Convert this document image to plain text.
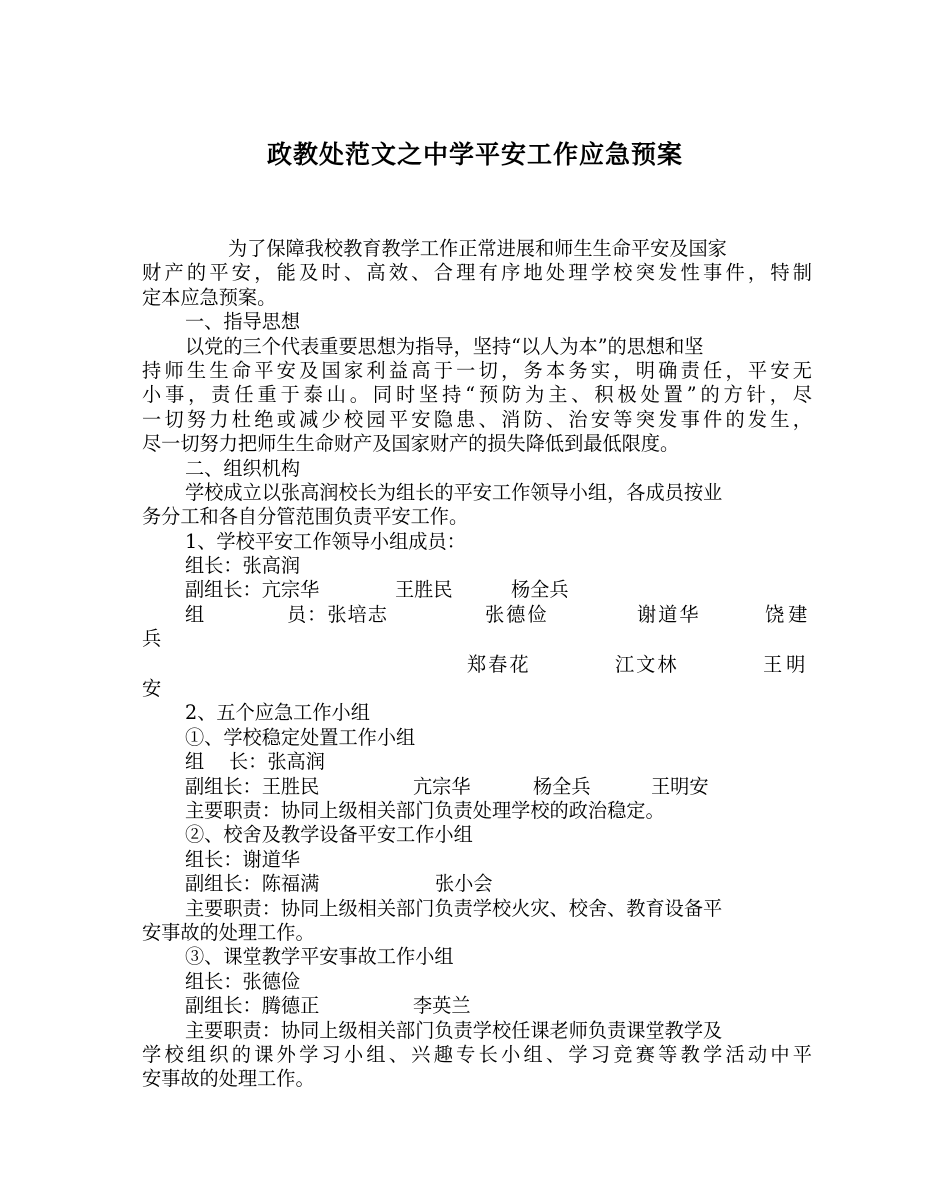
政教处范文之中学平安工作应急预案
为了保障我校教育教学工作正常进展和师生生命平安及国家
财产的平安，能及时、高效、合理有序地处理学校突发性事件，特制
定本应急预案。
一、指导思想
以党的三个代表重要思想为指导，坚持“以人为本”的思想和坚
持师生生命平安及国家利益高于一切，务本务实，明确责任，平安无
小事，责任重于泰山。同时坚持“预防为主、积极处置”的方针，尽
一切努力杜绝或减少校园平安隐患、消防、治安等突发事件的发生，
尽一切努力把师生生命财产及国家财产的损失降低到最低限度。
二、组织机构
学校成立以张高润校长为组长的平安工作领导小组，各成员按业
务分工和各自分管范围负责平安工作。
1、学校平安工作领导小组成员：
组长：张高润
副组长：亢宗华	王胜民	杨全兵
组	员：张培志	张德俭	谢道华	饶建
兵
郑春花	江文林	王明
安
2、五个应急工作小组
①、学校稳定处置工作小组
组 长：张高润
副组长：王胜民	亢宗华	杨全兵	王明安
主要职责：协同上级相关部门负责处理学校的政治稳定。
②、校舍及教学设备平安工作小组
组长：谢道华
副组长：陈福满	张小会
主要职责：协同上级相关部门负责学校火灾、校舍、教育设备平
安事故的处理工作。
③、课堂教学平安事故工作小组
组长：张德俭
副组长：腾德正	李英兰
主要职责：协同上级相关部门负责学校任课老师负责课堂教学及
学校组织的课外学习小组、兴趣专长小组、学习竞赛等教学活动中平
安事故的处理工作。
